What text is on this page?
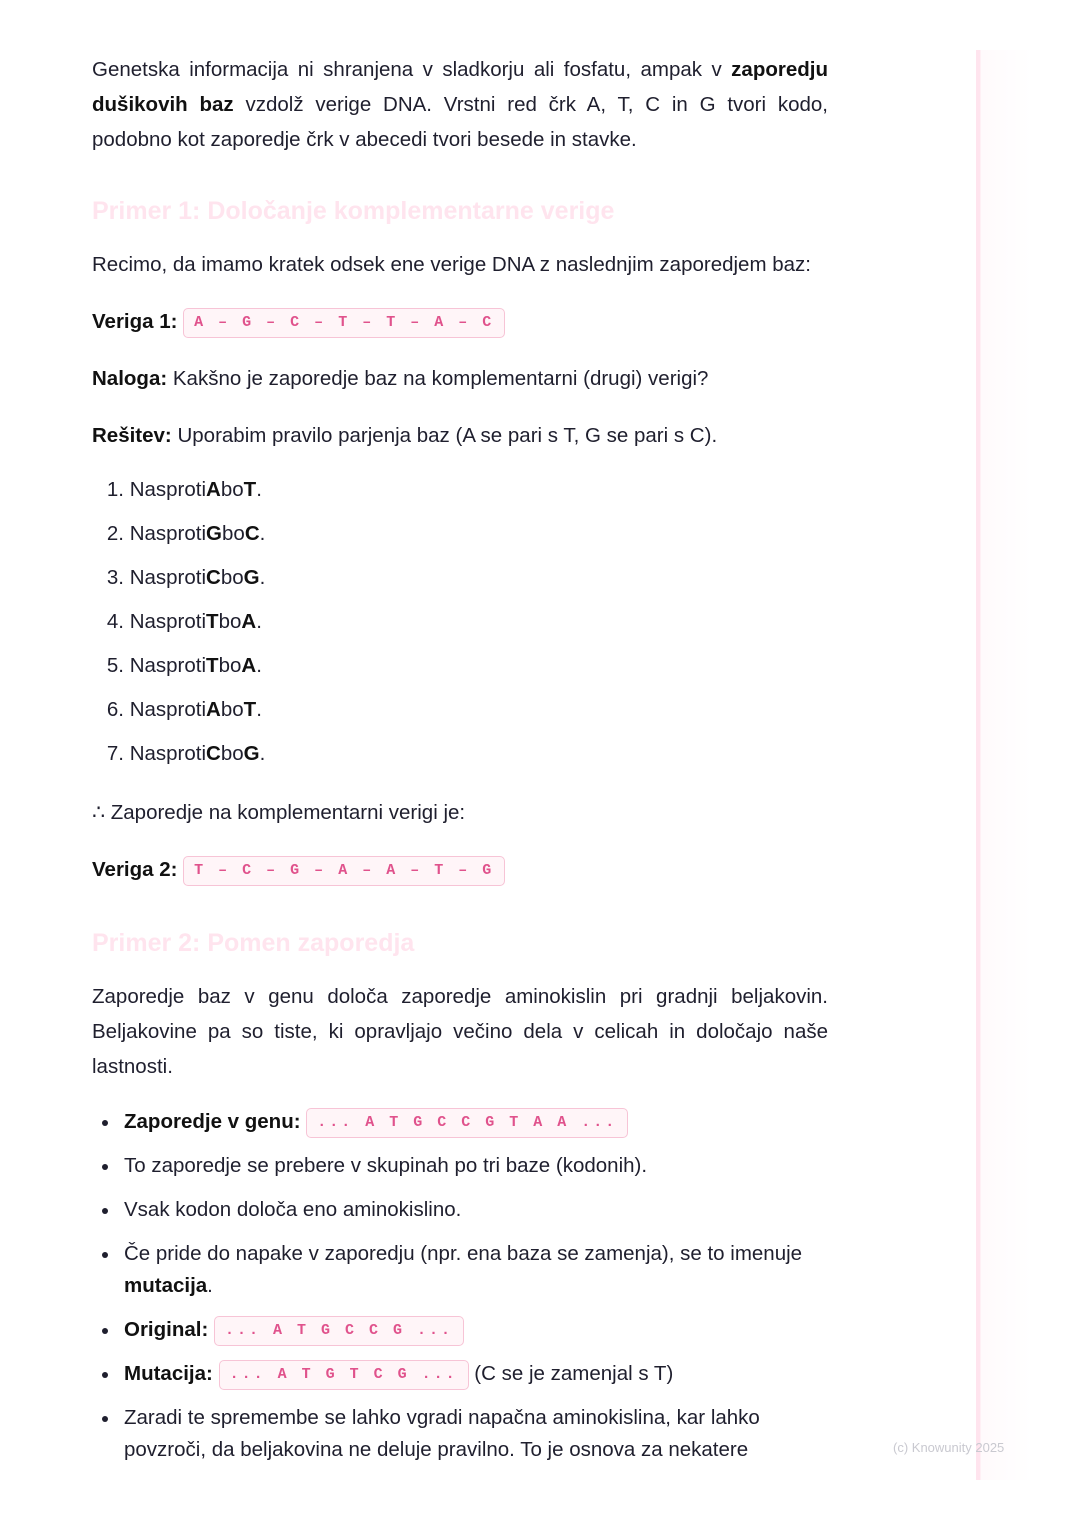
Genetska informacija ni shranjena v sladkorju ali fosfatu, ampak v zaporedju dušikovih baz vzdolž verige DNA. Vrstni red črk A, T, C in G tvori kodo, podobno kot zaporedje črk v abecedi tvori besede in stavke.

Primer 1: Določanje komplementarne verige

Recimo, da imamo kratek odsek ene verige DNA z naslednjim zaporedjem baz:

Veriga 1: A – G – C – T – T – A – C

Naloga: Kakšno je zaporedje baz na komplementarni (drugi) verigi?

Rešitev: Uporabim pravilo parjenja baz (A se pari s T, G se pari s C).

1.
Nasproti A bo T .
2.
Nasproti G bo C .
3.
Nasproti C bo G .
4.
Nasproti T bo A .
5.
Nasproti T bo A .
6.
Nasproti A bo T .
7.
Nasproti C bo G .

∴ Zaporedje na komplementarni verigi je:

Veriga 2: T – C – G – A – A – T – G

Primer 2: Pomen zaporedja

Zaporedje baz v genu določa zaporedje aminokislin pri gradnji beljakovin. Beljakovine pa so tiste, ki opravljajo večino dela v celicah in določajo naše lastnosti.

Zaporedje v genu: ... A T G C C G T A A ...
To zaporedje se prebere v skupinah po tri baze (kodonih).
Vsak kodon določa eno aminokislino.
Če pride do napake v zaporedju (npr. ena baza se zamenja), se to imenuje mutacija.
Original: ... A T G C C G ...
Mutacija: ... A T G T C G ... (C se je zamenjal s T)
Zaradi te spremembe se lahko vgradi napačna aminokislina, kar lahko povzroči, da beljakovina ne deluje pravilno. To je osnova za nekatere	(c) Knowunity 2025
